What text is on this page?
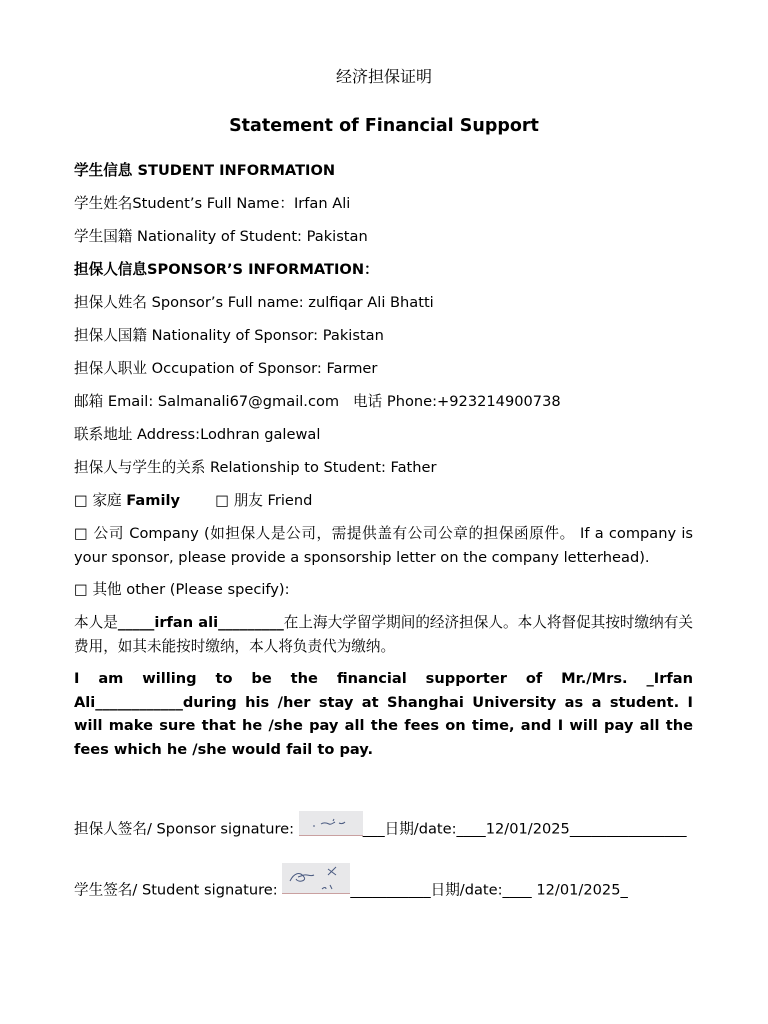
经济担保证明
Statement of Financial Support
学生信息 STUDENT INFORMATION
学生姓名Student’s Full Name：Irfan Ali
学生国籍 Nationality of Student: Pakistan
担保人信息SPONSOR’S INFORMATION：
担保人姓名 Sponsor’s Full name: zulfiqar Ali Bhatti
担保人国籍 Nationality of Sponsor: Pakistan
担保人职业 Occupation of Sponsor: Farmer
邮箱 Email: Salmanali67@gmail.com 电话 Phone:+923214900738
联系地址 Address:Lodhran galewal
担保人与学生的关系 Relationship to Student: Father
□ 家庭 Family □ 朋友 Friend
□ 公司 Company (如担保人是公司，需提供盖有公司公章的担保函原件。 If a company is your sponsor, please provide a sponsorship letter on the company letterhead).
□ 其他 other (Please specify):
本人是_____irfan ali_________在上海大学留学期间的经济担保人。本人将督促其按时缴纳有关费用，如其未能按时缴纳，本人将负责代为缴纳。
I am willing to be the financial supporter of Mr./Mrs. _Irfan Ali____________during his /her stay at Shanghai University as a student. I will make sure that he /she pay all the fees on time, and I will pay all the fees which he /she would fail to pay.
担保人签名/ Sponsor signature:	___日期/date:____12/01/2025________________
学生签名/ Student signature:	___________日期/date:____ 12/01/2025_
